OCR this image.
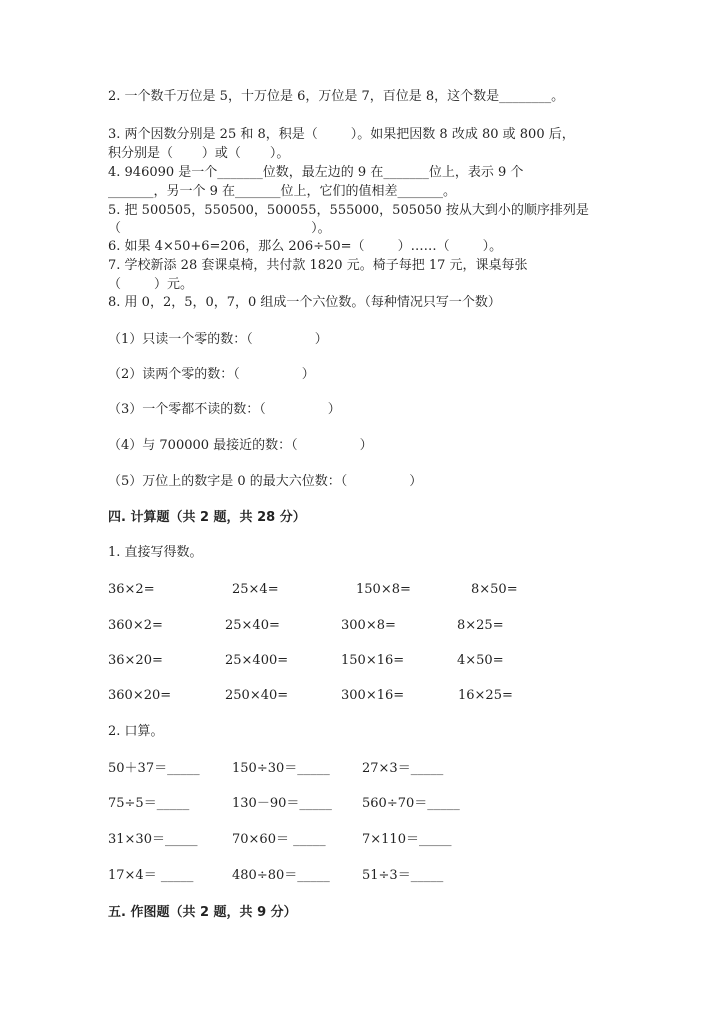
2. 一个数千万位是 5，十万位是 6，万位是 7，百位是 8，这个数是________。
3. 两个因数分别是 25 和 8，积是（        ）。如果把因数 8 改成 80 或 800 后，
积分别是（       ）或（       ）。
4. 946090 是一个_______位数，最左边的 9 在_______位上，表示 9 个
_______，另一个 9 在_______位上，它们的值相差_______。
5. 把 500505，550500，500055，555000，505050 按从大到小的顺序排列是
（                                              ）。
6. 如果 4×50+6=206，那么 206÷50=（        ）……（        ）。
7. 学校新添 28 套课桌椅，共付款 1820 元。椅子每把 17 元，课桌每张
（        ）元。
8. 用 0，2，5，0，7，0 组成一个六位数。（每种情况只写一个数）
（1）只读一个零的数：（               ）
（2）读两个零的数：（               ）
（3）一个零都不读的数：（               ）
（4）与 700000 最接近的数：（               ）
（5）万位上的数字是 0 的最大六位数：（               ）
四. 计算题（共 2 题，共 28 分）
1. 直接写得数。
36×2=	25×4=	150×8=	8×50=
360×2=	25×40=	300×8=	8×25=
36×20=	25×400=	150×16=	4×50=
360×20=	250×40=	300×16=	16×25=
2. 口算。
50＋37＝_____ 150÷30＝_____ 27×3＝_____
75÷5＝_____	130－90＝_____ 560÷70＝_____
31×30＝_____	70×60＝ _____	7×110＝_____
17×4＝ _____	480÷80＝_____ 51÷3＝_____
五. 作图题（共 2 题，共 9 分）
